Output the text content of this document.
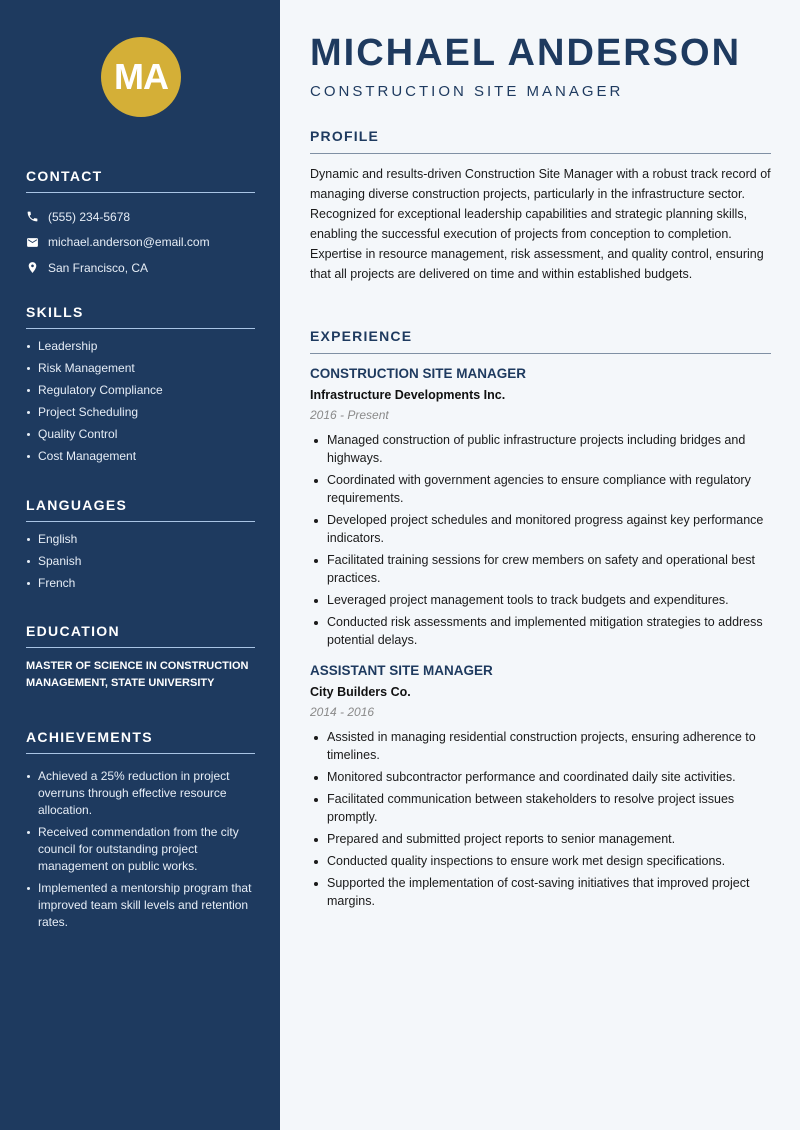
MA
CONTACT
(555) 234-5678
michael.anderson@email.com
San Francisco, CA
SKILLS
Leadership
Risk Management
Regulatory Compliance
Project Scheduling
Quality Control
Cost Management
LANGUAGES
English
Spanish
French
EDUCATION

MASTER OF SCIENCE IN CONSTRUCTION MANAGEMENT, STATE UNIVERSITY

ACHIEVEMENTS
Achieved a 25% reduction in project overruns through effective resource allocation.
Received commendation from the city council for outstanding project management on public works.
Implemented a mentorship program that improved team skill levels and retention rates.
MICHAEL ANDERSON
CONSTRUCTION SITE MANAGER
PROFILE

Dynamic and results-driven Construction Site Manager with a robust track record of managing diverse construction projects, particularly in the infrastructure sector. Recognized for exceptional leadership capabilities and strategic planning skills, enabling the successful execution of projects from conception to completion. Expertise in resource management, risk assessment, and quality control, ensuring that all projects are delivered on time and within established budgets.

EXPERIENCE
CONSTRUCTION SITE MANAGER
Infrastructure Developments Inc.
2016 - Present
Managed construction of public infrastructure projects including bridges and highways.
Coordinated with government agencies to ensure compliance with regulatory requirements.
Developed project schedules and monitored progress against key performance indicators.
Facilitated training sessions for crew members on safety and operational best practices.
Leveraged project management tools to track budgets and expenditures.
Conducted risk assessments and implemented mitigation strategies to address potential delays.
ASSISTANT SITE MANAGER
City Builders Co.
2014 - 2016
Assisted in managing residential construction projects, ensuring adherence to timelines.
Monitored subcontractor performance and coordinated daily site activities.
Facilitated communication between stakeholders to resolve project issues promptly.
Prepared and submitted project reports to senior management.
Conducted quality inspections to ensure work met design specifications.
Supported the implementation of cost-saving initiatives that improved project margins.
